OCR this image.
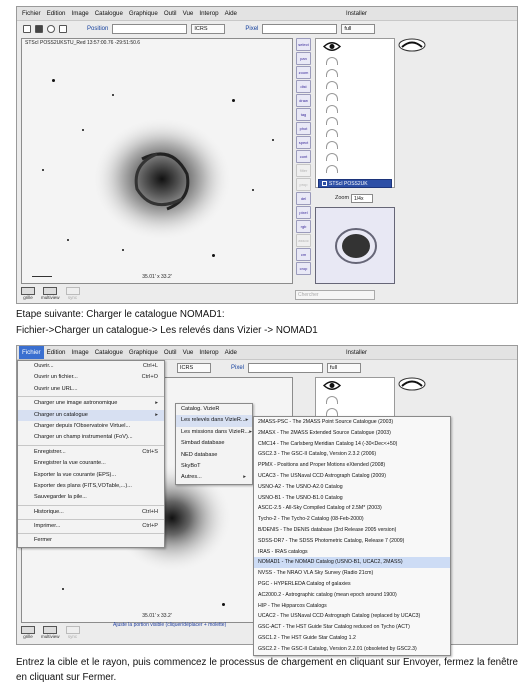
Fichier Edition Image Catalogue Graphique Outil Vue Interop Aide	Installer
Position	ICRS	Pixel	full
STScI POSS2UKSTU_Red 13:57:00.76 -29:51:50.6
35.01' x 33.2'
select
pan
zoom
dist
draw
tag
phot
spect
cont
filter
prop
del
pixel
rgb
assoc
cm
crop
STScI POSS2UK
Zoom 1/4x
grille	multiview	sync	Chercher
Etape suivante: Charger le catalogue NOMAD1:
Fichier->Charger un catalogue-> Les relevés dans Vizier -> NOMAD1
Fichier Edition Image Catalogue Graphique Outil Vue Interop Aide	Installer
ICRS	Pixel	full
35.01' x 33.2'
grille	multiview	sync
Ajuste la portion visible (cliquer/déplacer + molette)
Ouvrir...	Ctrl+L
Ouvrir un fichier...	Ctrl+O
Ouvrir une URL...
Charger une image astronomique	▸
Charger un catalogue	▸
Charger depuis l'Observatoire Virtuel...
Charger un champ instrumental (FoV)...
Enregistrer...	Ctrl+S
Enregistrer la vue courante...
Exporter la vue courante (EPS)...
Exporter des plans (FITS,VOTable,...)...
Sauvegarder la pile...
Historique...	Ctrl+H
Imprimer...	Ctrl+P
Fermer
Catalog. VizieR
Les relevés dans VizieR... ▸
Les missions dans VizieR... ▸
Simbad database
NED database
SkyBoT
Autres...	▸
2MASS-PSC - The 2MASS Point Source Catalogue (2003)
2MASX - The 2MASS Extended Source Catalogue (2003)
CMC14 - The Carlsberg Meridian Catalog 14 (-30<Dec<+50)
GSC2.3 - The GSC-II Catalog, Version 2.3.2 (2006)
PPMX - Positions and Proper Motions eXtended (2008)
UCAC3 - The USNaval CCD Astrograph Catalog (2009)
USNO-A2 - The USNO-A2.0 Catalog
USNO-B1 - The USNO-B1.0 Catalog
ASCC-2.5 - All-Sky Compiled Catalog of 2.5M* (2003)
Tycho-2 - The Tycho-2 Catalog (08-Feb-2000)
B/DENIS - The DENIS database (3rd Release 2005 version)
SDSS-DR7 - The SDSS Photometric Catalog, Release 7 (2009)
IRAS - IRAS catalogs
NOMAD1 - The NOMAD Catalog (USNO-B1, UCAC2, 2MASS)
NVSS - The NRAO VLA Sky Survey (Radio 21cm)
PGC - HYPERLEDA Catalog of galaxies
AC2000.2 - Astrographic catalog (mean epoch around 1900)
HIP - The Hipparcos Catalogs
UCAC2 - The USNaval CCD Astrograph Catalog (replaced by UCAC3)
GSC-ACT - The HST Guide Star Catalog reduced on Tycho (ACT)
GSC1.2 - The HST Guide Star Catalog 1.2
GSC2.2 - The GSC-II Catalog, Version 2.2.01 (obsoleted by GSC2.3)
Entrez la cible et le rayon, puis commencez le processus de chargement en cliquant sur Envoyer, fermez la fenêtre en cliquant sur Fermer.
